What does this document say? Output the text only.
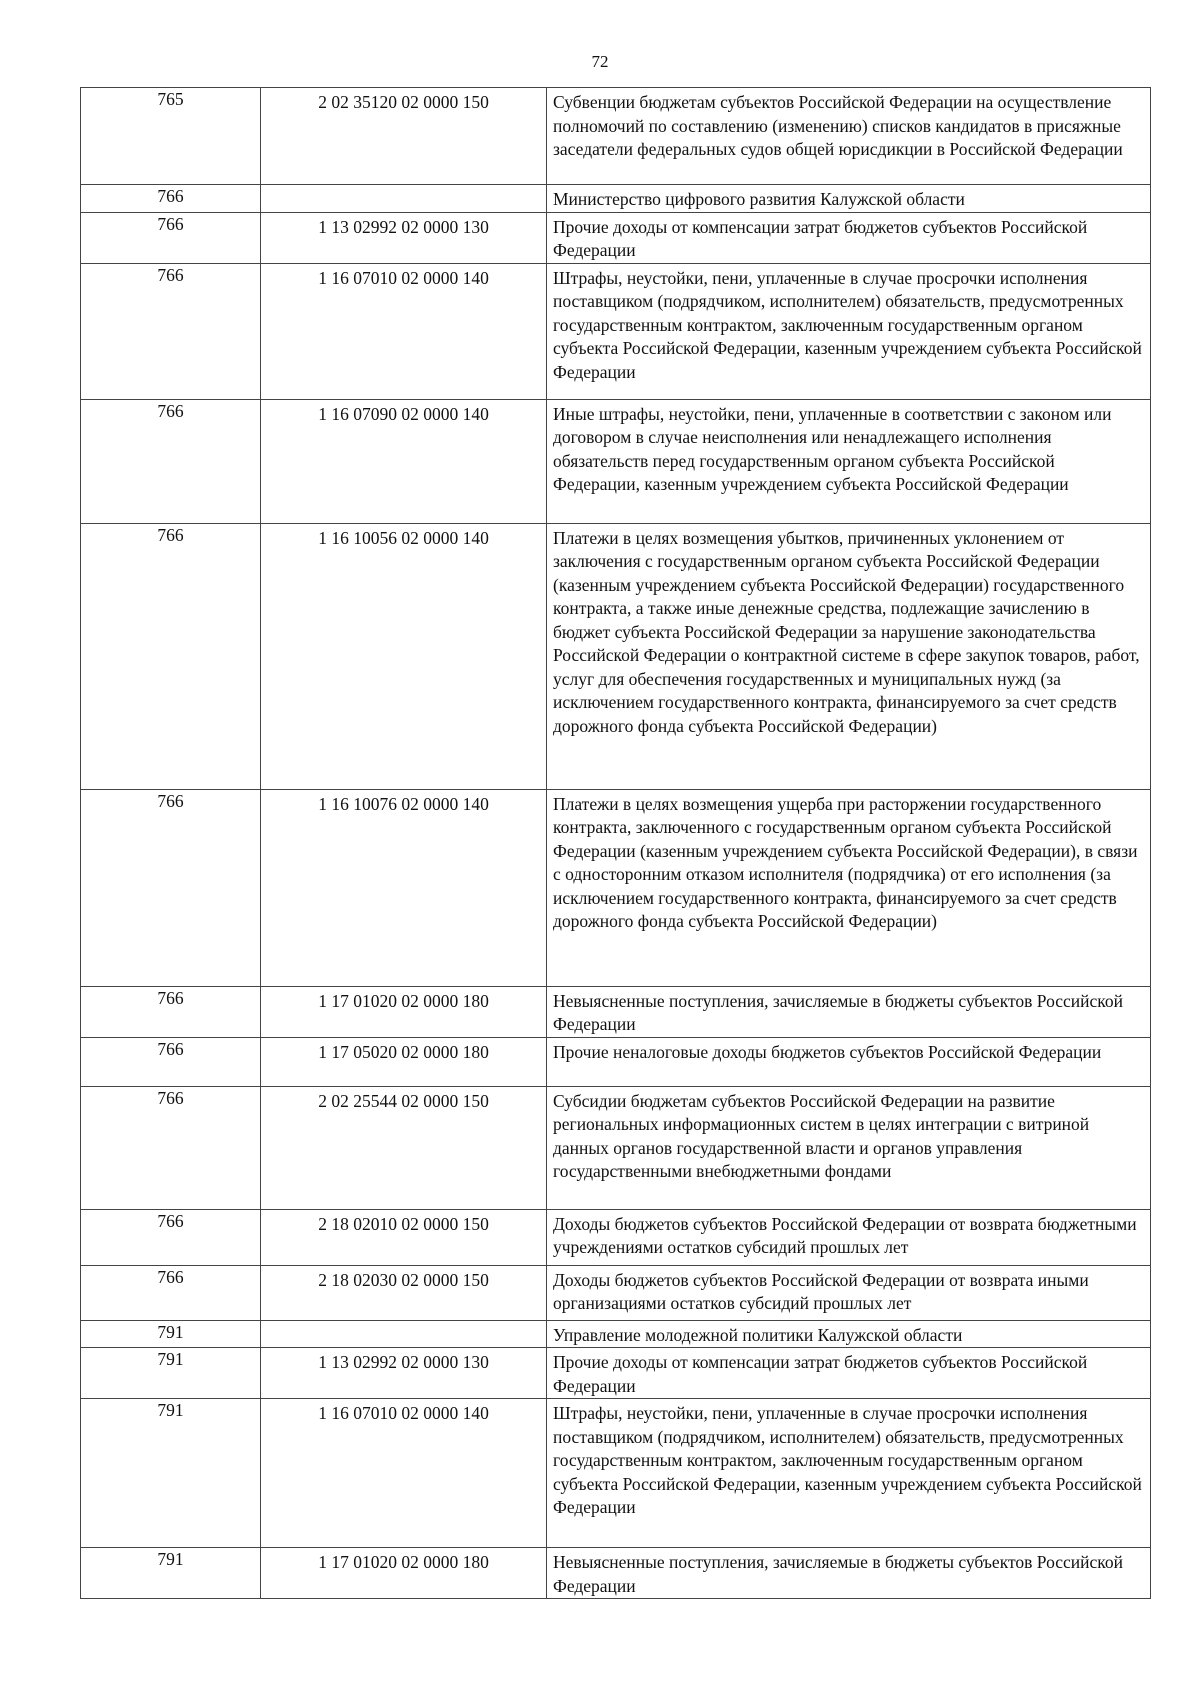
72
765	2 02 35120 02 0000 150	Субвенции бюджетам субъектов Российской Федерации на осуществление полномочий по составлению (изменению) списков кандидатов в присяжные заседатели федеральных судов общей юрисдикции в Российской Федерации
766		Министерство цифрового развития Калужской области
766	1 13 02992 02 0000 130	Прочие доходы от компенсации затрат бюджетов субъектов Российской Федерации
766	1 16 07010 02 0000 140	Штрафы, неустойки, пени, уплаченные в случае просрочки исполнения поставщиком (подрядчиком, исполнителем) обязательств, предусмотренных государственным контрактом, заключенным государственным органом субъекта Российской Федерации, казенным учреждением субъекта Российской Федерации
766	1 16 07090 02 0000 140	Иные штрафы, неустойки, пени, уплаченные в соответствии с законом или договором в случае неисполнения или ненадлежащего исполнения обязательств перед государственным органом субъекта Российской Федерации, казенным учреждением субъекта Российской Федерации
766	1 16 10056 02 0000 140	Платежи в целях возмещения убытков, причиненных уклонением от заключения с государственным органом субъекта Российской Федерации (казенным учреждением субъекта Российской Федерации) государственного контракта, а также иные денежные средства, подлежащие зачислению в бюджет субъекта Российской Федерации за нарушение законодательства Российской Федерации о контрактной системе в сфере закупок товаров, работ, услуг для обеспечения государственных и муниципальных нужд (за исключением государственного контракта, финансируемого за счет средств дорожного фонда субъекта Российской Федерации)
766	1 16 10076 02 0000 140	Платежи в целях возмещения ущерба при расторжении государственного контракта, заключенного с государственным органом субъекта Российской Федерации (казенным учреждением субъекта Российской Федерации), в связи с односторонним отказом исполнителя (подрядчика) от его исполнения (за исключением государственного контракта, финансируемого за счет средств дорожного фонда субъекта Российской Федерации)
766	1 17 01020 02 0000 180	Невыясненные поступления, зачисляемые в бюджеты субъектов Российской Федерации
766	1 17 05020 02 0000 180	Прочие неналоговые доходы бюджетов субъектов Российской Федерации
766	2 02 25544 02 0000 150	Субсидии бюджетам субъектов Российской Федерации на развитие региональных информационных систем в целях интеграции с витриной данных органов государственной власти и органов управления государственными внебюджетными фондами
766	2 18 02010 02 0000 150	Доходы бюджетов субъектов Российской Федерации от возврата бюджетными учреждениями остатков субсидий прошлых лет
766	2 18 02030 02 0000 150	Доходы бюджетов субъектов Российской Федерации от возврата иными организациями остатков субсидий прошлых лет
791		Управление молодежной политики Калужской области
791	1 13 02992 02 0000 130	Прочие доходы от компенсации затрат бюджетов субъектов Российской Федерации
791	1 16 07010 02 0000 140	Штрафы, неустойки, пени, уплаченные в случае просрочки исполнения поставщиком (подрядчиком, исполнителем) обязательств, предусмотренных государственным контрактом, заключенным государственным органом субъекта Российской Федерации, казенным учреждением субъекта Российской Федерации
791	1 17 01020 02 0000 180	Невыясненные поступления, зачисляемые в бюджеты субъектов Российской Федерации
